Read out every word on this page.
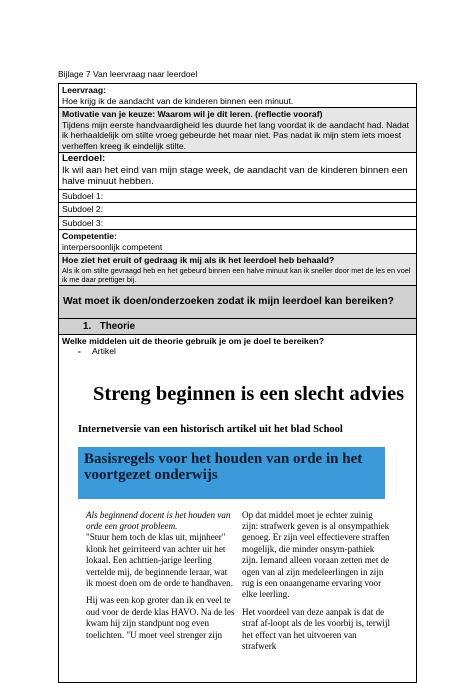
Bijlage 7 Van leervraag naar leerdoel
Leervraag:
Hoe krijg ik de aandacht van de kinderen binnen een minuut.
Motivatie van je keuze: Waarom wil je dit leren. (reflectie vooraf)
Tijdens mijn eerste handvaardigheid les duurde het lang voordat ik de aandacht had. Nadat ik herhaaldelijk om stilte vroeg gebeurde het maar niet. Pas nadat ik mijn stem iets moest verheffen kreeg ik eindelijk stilte.
Leerdoel:
Ik wil aan het eind van mijn stage week, de aandacht van de kinderen binnen een halve minuut hebben.
Subdoel 1:
Subdoel 2:
Subdoel 3:
Competentie:
interpersoonlijk competent
Hoe ziet het eruit of gedraag ik mij als ik het leerdoel heb behaald?
Als ik om stilte gevraagd heb en het gebeurd binnen een halve minuut kan ik sneller door met de les en voel ik me daar prettiger bij.
Wat moet ik doen/onderzoeken zodat ik mijn leerdoel kan bereiken?
1. Theorie
Welke middelen uit de theorie gebruik je om je doel te bereiken?
- Artikel
Streng beginnen is een slecht advies
Internetversie van een historisch artikel uit het blad School
Basisregels voor het houden van orde in het voortgezet onderwijs

Als beginnend docent is het houden van orde een groot probleem.

"Stuur hem toch de klas uit, mijnheer" klonk het geirriteerd van achter uit het lokaal. Een achttien-jarige leerling vertelde mij, de beginnende leraar, wat ik moest doen om de orde te handhaven.

Hij was een kop groter dan ik en veel te oud voor de derde klas HAVO. Na de les kwam hij zijn standpunt nog even toelichten. "U moet veel strenger zijn

Op dat middel moet je echter zuinig zijn: strafwerk geven is al onsympathiek genoeg. Er zijn veel effectievere straffen mogelijk, die minder onsym-pathiek zijn. Iemand alleen voraan zetten met de ogen van al zijn medeleerlingen in zijn rug is een onaangename ervaring voor elke leerling.

Het voordeel van deze aanpak is dat de straf af-loopt als de les voorbij is, terwijl het effect van het uitvoeren van strafwerk
